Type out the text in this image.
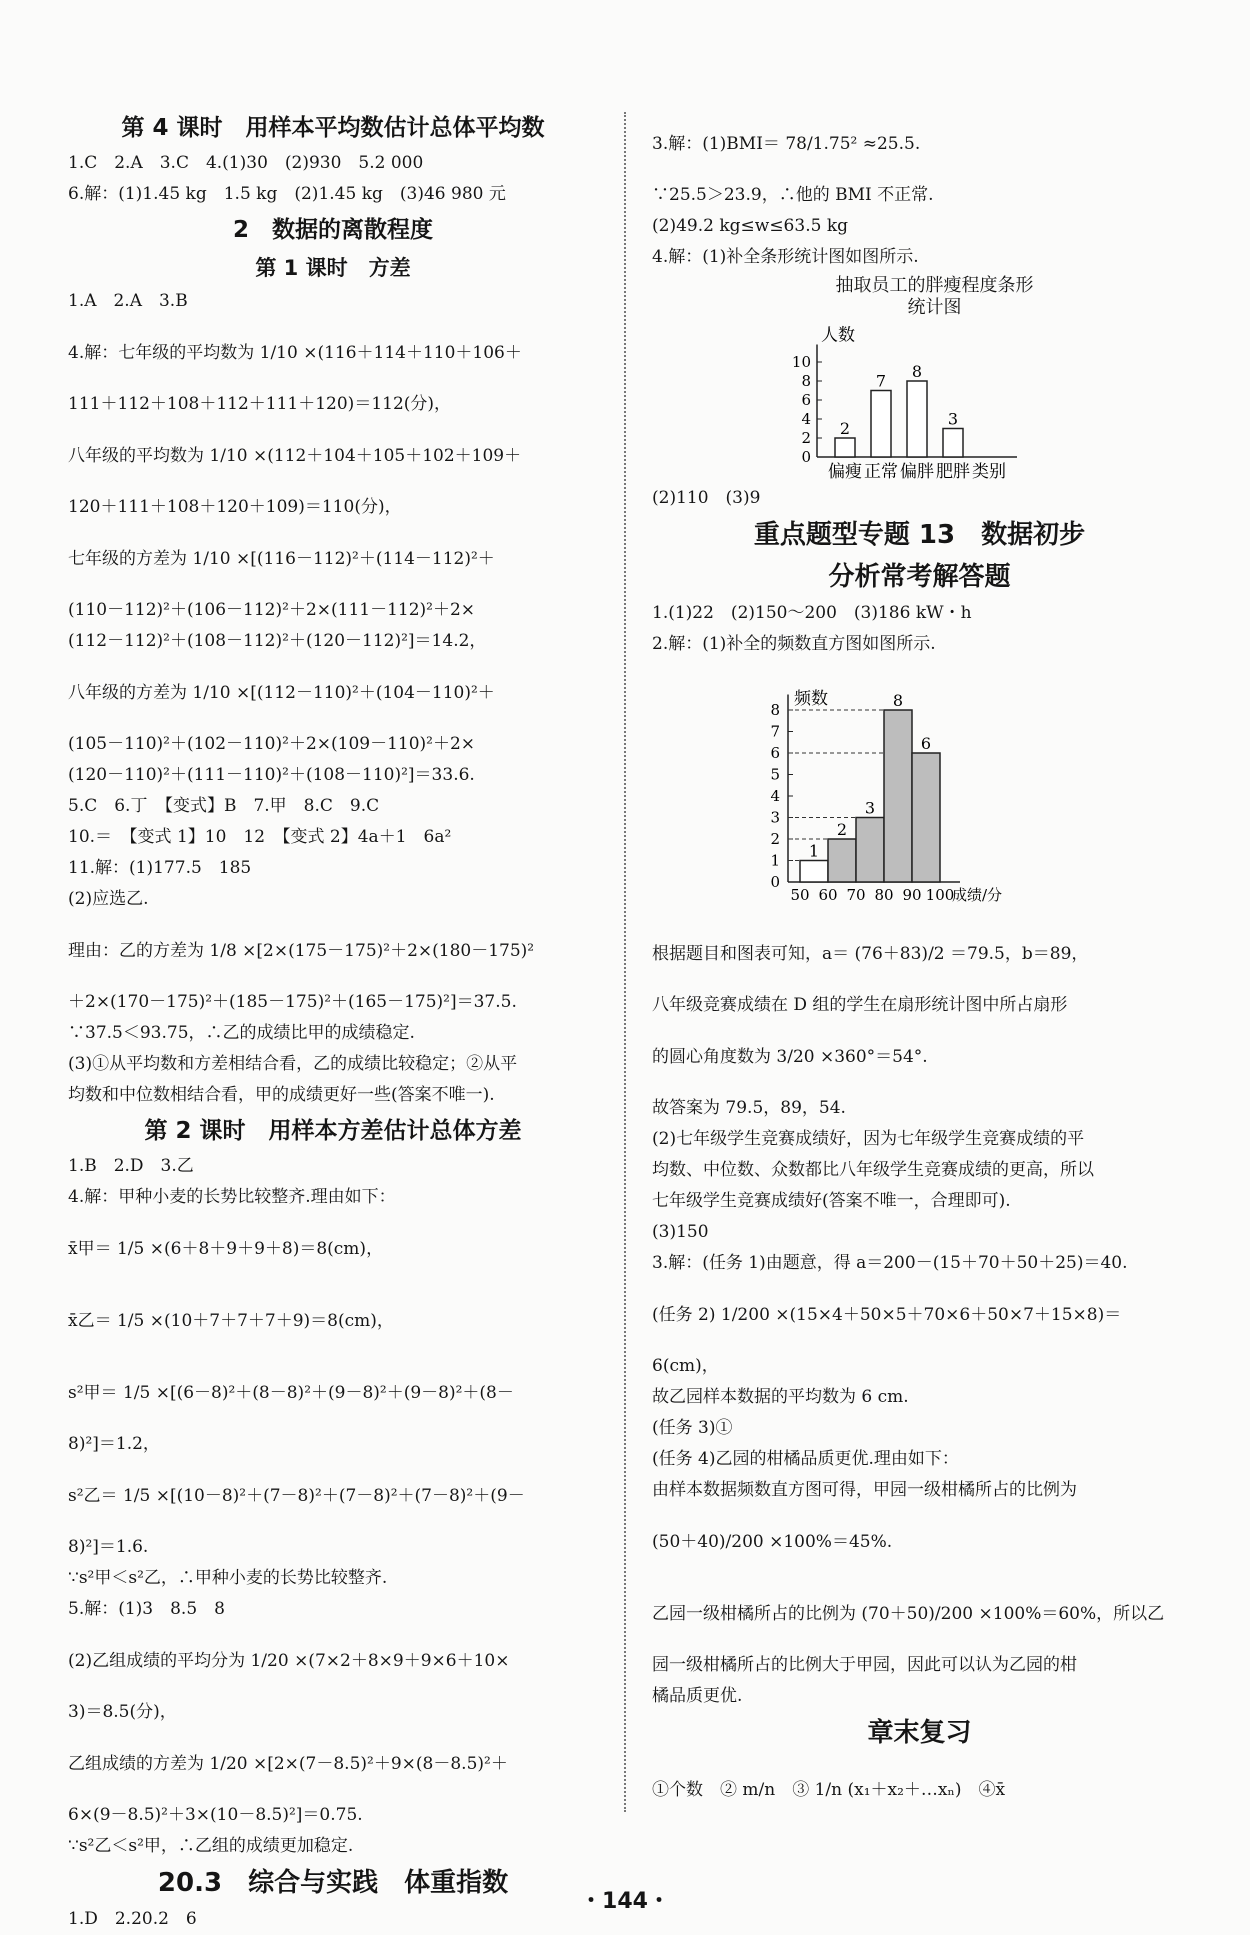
第 4 课时　用样本平均数估计总体平均数
1.C　2.A　3.C　4.(1)30　(2)930　5.2 000
6.解：(1)1.45 kg　1.5 kg　(2)1.45 kg　(3)46 980 元
2　数据的离散程度
第 1 课时　方差
1.A　2.A　3.B
4.解：七年级的平均数为 1/10 ×(116＋114＋110＋106＋
111＋112＋108＋112＋111＋120)＝112(分)，
八年级的平均数为 1/10 ×(112＋104＋105＋102＋109＋
120＋111＋108＋120＋109)＝110(分)，
七年级的方差为 1/10 ×[(116－112)²＋(114－112)²＋
(110－112)²＋(106－112)²＋2×(111－112)²＋2×
(112－112)²＋(108－112)²＋(120－112)²]＝14.2，
八年级的方差为 1/10 ×[(112－110)²＋(104－110)²＋
(105－110)²＋(102－110)²＋2×(109－110)²＋2×
(120－110)²＋(111－110)²＋(108－110)²]＝33.6.
5.C　6.丁　【变式】B　7.甲　8.C　9.C
10.＝　【变式 1】10　12　【变式 2】4a＋1　6a²
11.解：(1)177.5　185
(2)应选乙.
理由：乙的方差为 1/8 ×[2×(175－175)²＋2×(180－175)²
＋2×(170－175)²＋(185－175)²＋(165－175)²]＝37.5.
∵37.5＜93.75，∴乙的成绩比甲的成绩稳定.
(3)①从平均数和方差相结合看，乙的成绩比较稳定；②从平
均数和中位数相结合看，甲的成绩更好一些(答案不唯一).
第 2 课时　用样本方差估计总体方差
1.B　2.D　3.乙
4.解：甲种小麦的长势比较整齐.理由如下：
x̄甲＝ 1/5 ×(6＋8＋9＋9＋8)＝8(cm)，
x̄乙＝ 1/5 ×(10＋7＋7＋7＋9)＝8(cm)，
s²甲＝ 1/5 ×[(6－8)²＋(8－8)²＋(9－8)²＋(9－8)²＋(8－
8)²]＝1.2，
s²乙＝ 1/5 ×[(10－8)²＋(7－8)²＋(7－8)²＋(7－8)²＋(9－
8)²]＝1.6.
∵s²甲＜s²乙，∴甲种小麦的长势比较整齐.
5.解：(1)3　8.5　8
(2)乙组成绩的平均分为 1/20 ×(7×2＋8×9＋9×6＋10×
3)＝8.5(分)，
乙组成绩的方差为 1/20 ×[2×(7－8.5)²＋9×(8－8.5)²＋
6×(9－8.5)²＋3×(10－8.5)²]＝0.75.
∵s²乙＜s²甲，∴乙组的成绩更加稳定.
20.3　综合与实践　体重指数
1.D　2.20.2　6
3.解：(1)BMI＝ 78/1.75² ≈25.5.
∵25.5＞23.9，∴他的 BMI 不正常.
(2)49.2 kg≤w≤63.5 kg
4.解：(1)补全条形统计图如图所示.
抽取员工的胖瘦程度条形
统计图
人数
0
2
4
6
8
10
2
偏瘦
7
正常
8
偏胖
3
肥胖 类别
(2)110　(3)9
重点题型专题 13　数据初步
分析常考解答题
1.(1)22　(2)150～200　(3)186 kW・h
2.解：(1)补全的频数直方图如图所示.
频数
0
1
2
3
4
5
6
7
8
1
2
3
8
6
50 60 70 80 90 100
成绩/分
根据题目和图表可知，a＝ (76＋83)/2 ＝79.5，b＝89，
八年级竞赛成绩在 D 组的学生在扇形统计图中所占扇形
的圆心角度数为 3/20 ×360°＝54°.
故答案为 79.5，89，54.
(2)七年级学生竞赛成绩好，因为七年级学生竞赛成绩的平
均数、中位数、众数都比八年级学生竞赛成绩的更高，所以
七年级学生竞赛成绩好(答案不唯一，合理即可).
(3)150
3.解：(任务 1)由题意，得 a＝200－(15＋70＋50＋25)＝40.
(任务 2) 1/200 ×(15×4＋50×5＋70×6＋50×7＋15×8)＝
6(cm)，
故乙园样本数据的平均数为 6 cm.
(任务 3)①
(任务 4)乙园的柑橘品质更优.理由如下：
由样本数据频数直方图可得，甲园一级柑橘所占的比例为
(50＋40)/200 ×100%＝45%.
乙园一级柑橘所占的比例为 (70＋50)/200 ×100%＝60%，所以乙
园一级柑橘所占的比例大于甲园，因此可以认为乙园的柑
橘品质更优.
章末复习
①个数　② m/n　③ 1/n (x₁＋x₂＋…xₙ)　④x̄
・144・
